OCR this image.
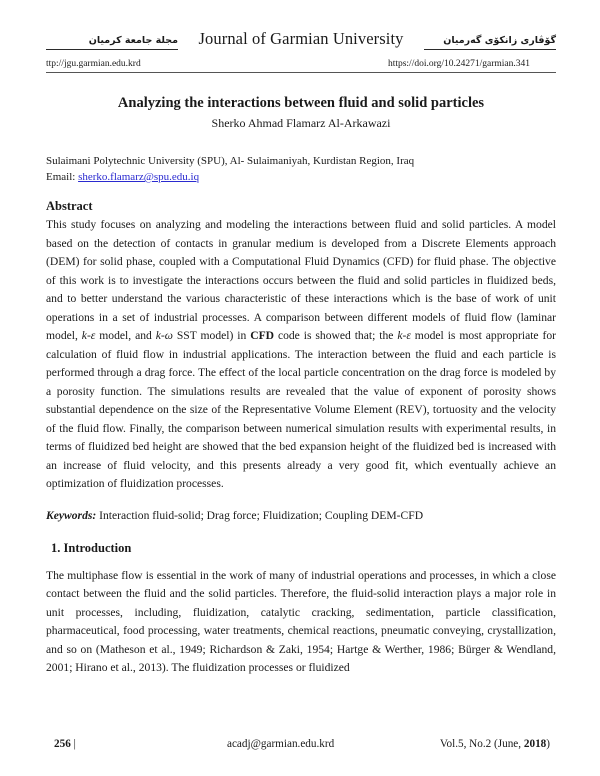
مجلة جامعة كرميان	Journal of Garmian University	گۆڤاری زانکۆی گەرمیان
ttp://jgu.garmian.edu.krd	https://doi.org/10.24271/garmian.341
Analyzing the interactions between fluid and solid particles
Sherko Ahmad Flamarz Al-Arkawazi
Sulaimani Polytechnic University (SPU), Al- Sulaimaniyah, Kurdistan Region, Iraq
Email: sherko.flamarz@spu.edu.iq
Abstract

This study focuses on analyzing and modeling the interactions between fluid and solid particles. A model based on the detection of contacts in granular medium is developed from a Discrete Elements approach (DEM) for solid phase, coupled with a Computational Fluid Dynamics (CFD) for fluid phase. The objective of this work is to investigate the interactions occurs between the fluid and solid particles in fluidized beds, and to better understand the various characteristic of these interactions which is the base of work of unit operations in a set of industrial processes. A comparison between different models of fluid flow (laminar model, k-ε model, and k-ω SST model) in CFD code is showed that; the k-ε model is most appropriate for calculation of fluid flow in industrial applications. The interaction between the fluid and each particle is performed through a drag force. The effect of the local particle concentration on the drag force is modeled by a porosity function. The simulations results are revealed that the value of exponent of porosity shows substantial dependence on the size of the Representative Volume Element (REV), tortuosity and the velocity of the fluid flow. Finally, the comparison between numerical simulation results with experimental results, in terms of fluidized bed height are showed that the bed expansion height of the fluidized bed is increased with an increase of fluid velocity, and this presents already a very good fit, which eventually achieve an optimization of fluidization processes.

Keywords: Interaction fluid-solid; Drag force; Fluidization; Coupling DEM-CFD
1. Introduction

The multiphase flow is essential in the work of many of industrial operations and processes, in which a close contact between the fluid and the solid particles. Therefore, the fluid-solid interaction plays a major role in unit processes, including, fluidization, catalytic cracking, sedimentation, particle classification, pharmaceutical, food processing, water treatments, chemical reactions, pneumatic conveying, crystallization, and so on (Matheson et al., 1949; Richardson & Zaki, 1954; Hartge & Werther, 1986; Bürger & Wendland, 2001; Hirano et al., 2013). The fluidization processes or fluidized

256 |	acadj@garmian.edu.krd	Vol.5, No.2 (June, 2018)
